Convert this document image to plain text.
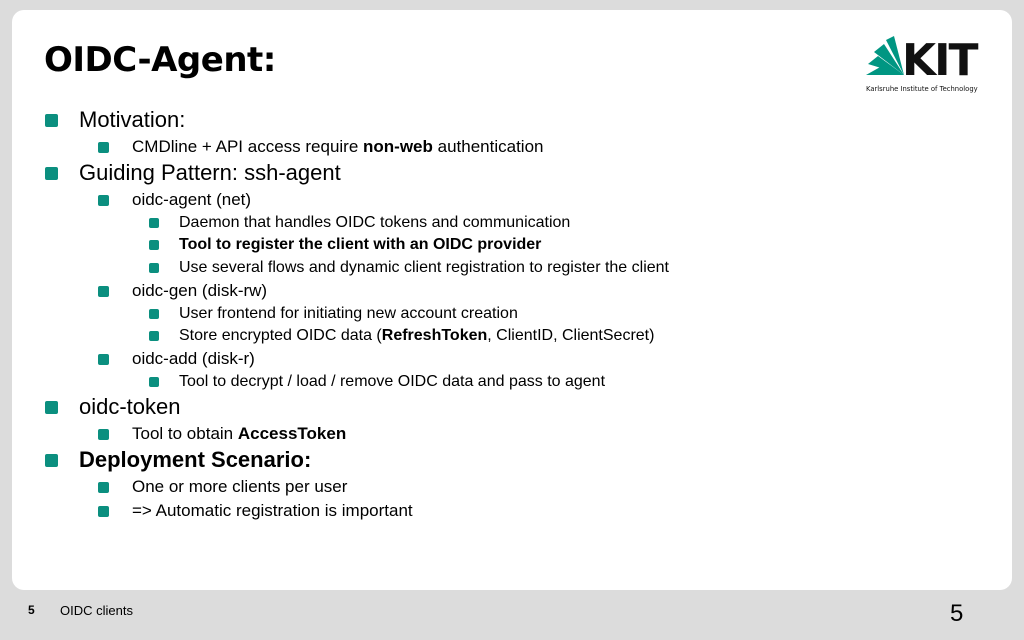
OIDC-Agent:	KIT
Karlsruhe Institute of Technology
Motivation:
CMDline + API access require non-web authentication
Guiding Pattern: ssh-agent
oidc-agent (net)
Daemon that handles OIDC tokens and communication
Tool to register the client with an OIDC provider
Use several flows and dynamic client registration to register the client
oidc-gen (disk-rw)
User frontend for initiating new account creation
Store encrypted OIDC data (RefreshToken, ClientID, ClientSecret)
oidc-add (disk-r)
Tool to decrypt / load / remove OIDC data and pass to agent
oidc-token
Tool to obtain AccessToken
Deployment Scenario:
One or more clients per user
=> Automatic registration is important
5 OIDC clients	5
